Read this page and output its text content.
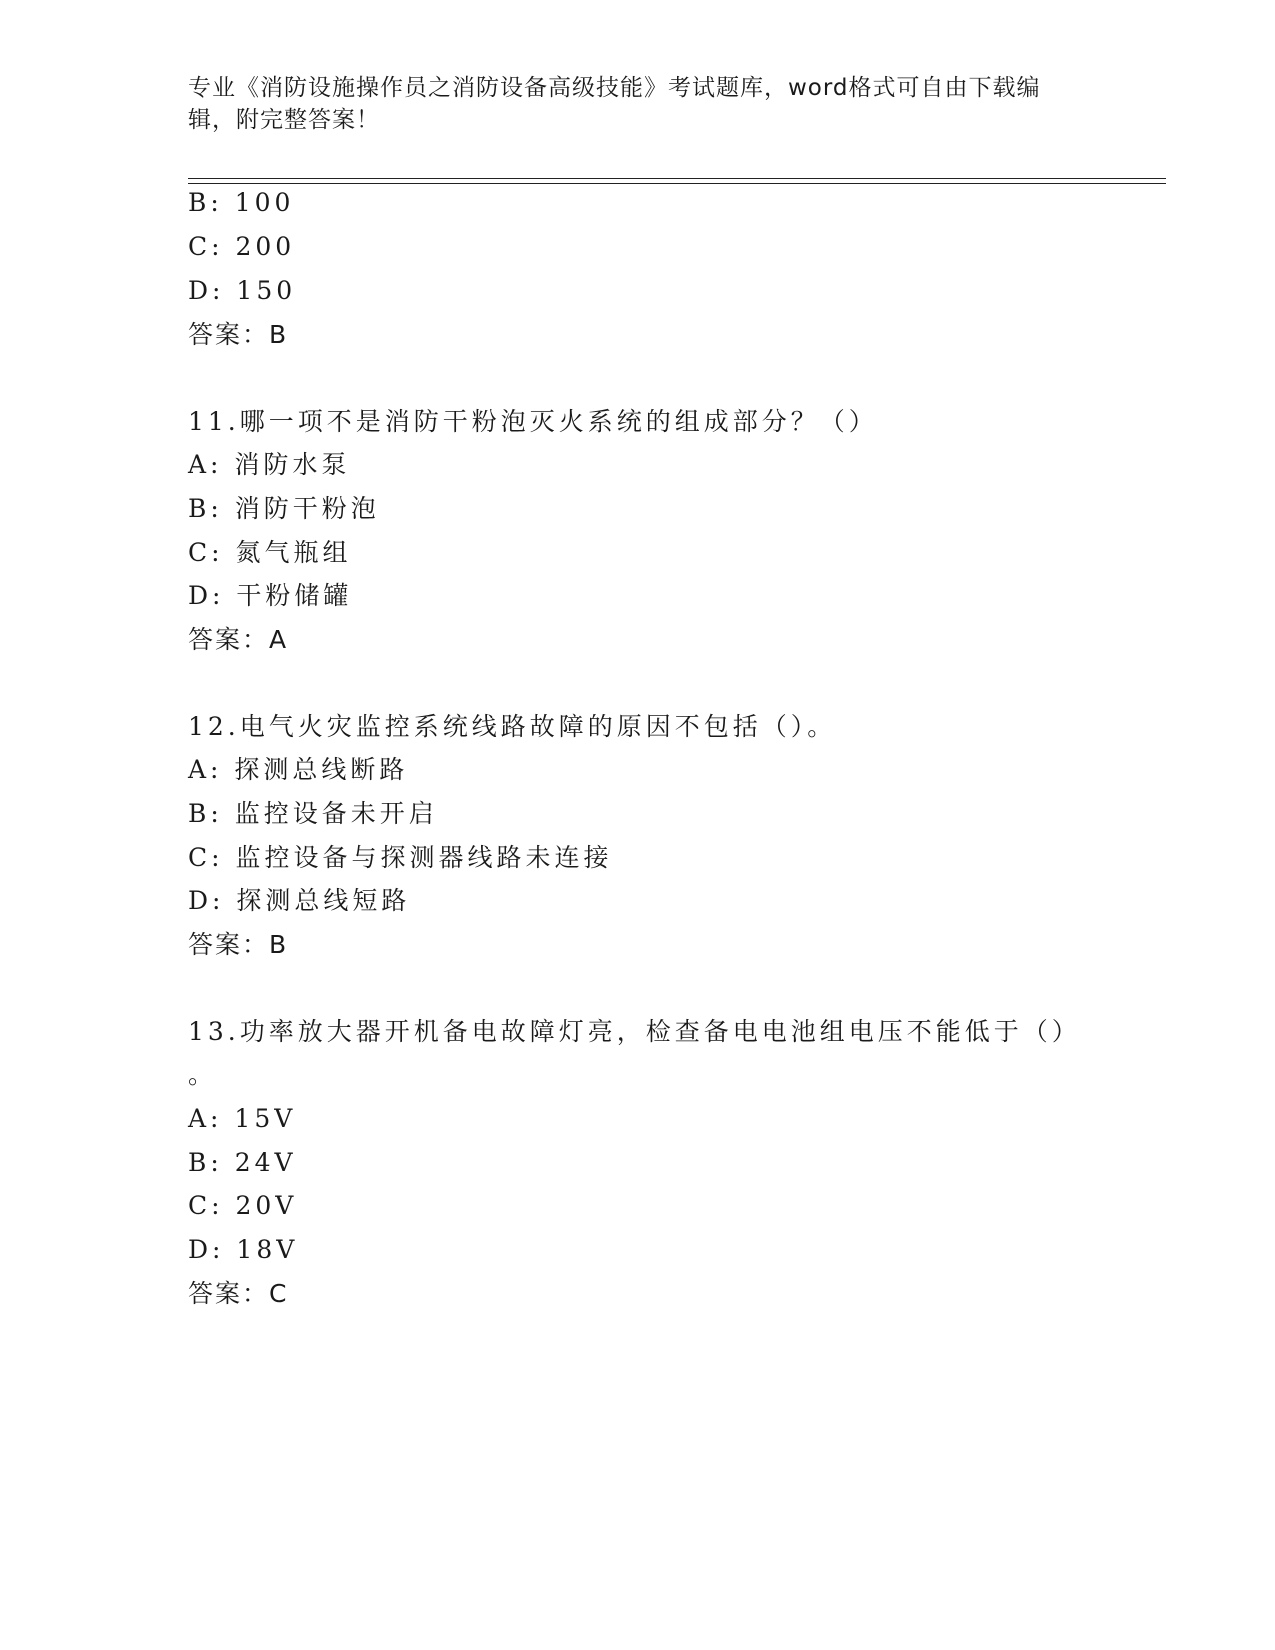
专业《消防设施操作员之消防设备高级技能》考试题库，word格式可自由下载编辑，附完整答案！
B: 100
C: 200
D: 150
答案：B
11.哪一项不是消防干粉泡灭火系统的组成部分？（）
A: 消防水泵
B: 消防干粉泡
C: 氮气瓶组
D: 干粉储罐
答案：A
12.电气火灾监控系统线路故障的原因不包括（）。
A: 探测总线断路
B: 监控设备未开启
C: 监控设备与探测器线路未连接
D: 探测总线短路
答案：B
13.功率放大器开机备电故障灯亮，检查备电电池组电压不能低于（）
。
A: 15V
B: 24V
C: 20V
D: 18V
答案：C
